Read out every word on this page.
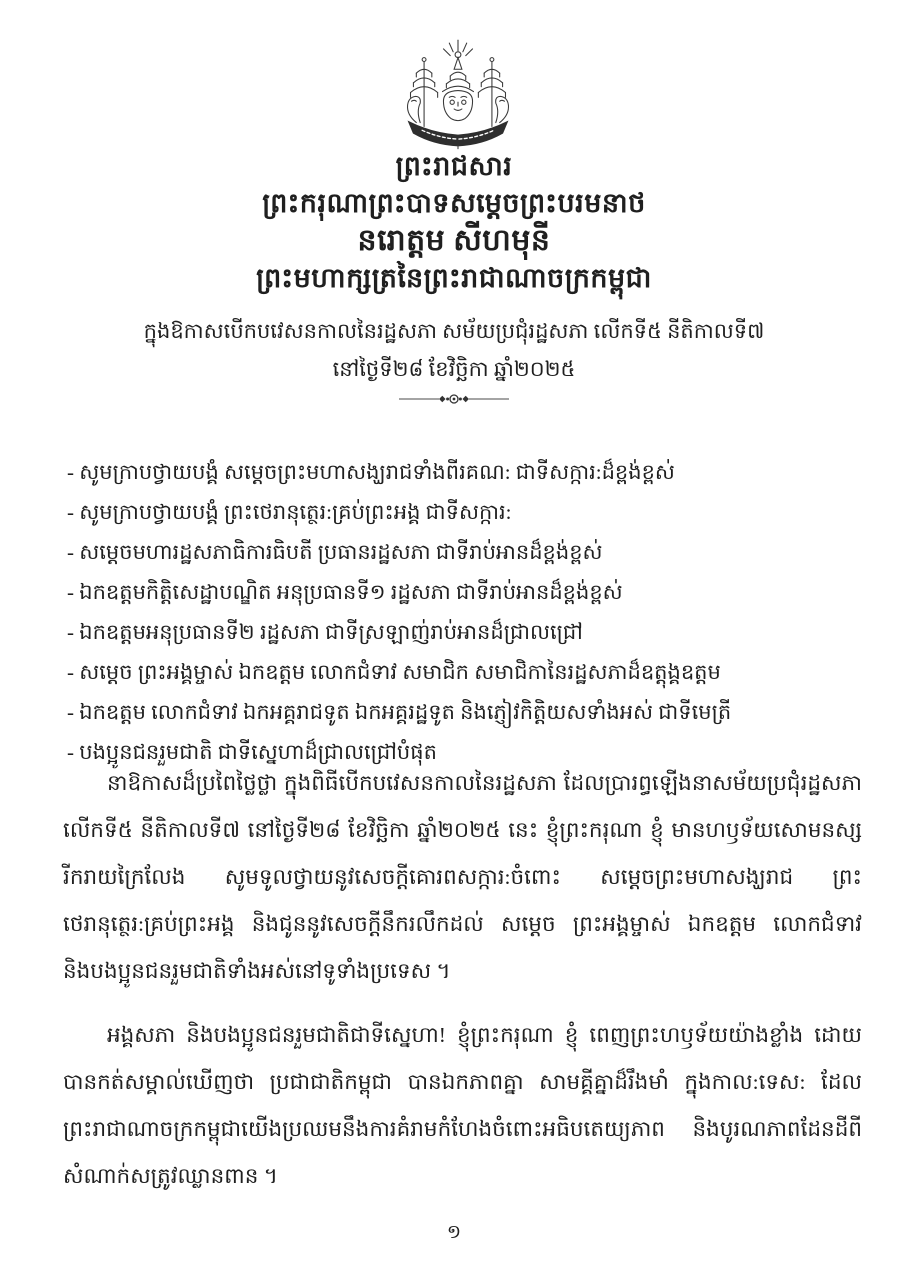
ព្រះរាជសារ
ព្រះករុណាព្រះបាទសម្ដេចព្រះបរមនាថ
នរោត្តម សីហមុនី
ព្រះមហាក្សត្រនៃព្រះរាជាណាចក្រកម្ពុជា
ក្នុងឱកាសបើកបវេសនកាលនៃរដ្ឋសភា សម័យប្រជុំរដ្ឋសភា លើកទី៥ នីតិកាលទី៧
នៅថ្ងៃទី២៨ ខែវិច្ឆិកា ឆ្នាំ២០២៥
- សូមក្រាបថ្វាយបង្គំ សម្ដេចព្រះមហាសង្ឃរាជទាំងពីរគណ: ជាទីសក្ការ:ដ៏ខ្ពង់ខ្ពស់
- សូមក្រាបថ្វាយបង្គំ ព្រះថេរានុត្ថេរ:គ្រប់ព្រះអង្គ ជាទីសក្ការ:
- សម្ដេចមហារដ្ឋសភាធិការធិបតី ប្រធានរដ្ឋសភា ជាទីរាប់អានដ៏ខ្ពង់ខ្ពស់
- ឯកឧត្តមកិត្តិសេដ្ឋាបណ្ឌិត អនុប្រធានទី១ រដ្ឋសភា ជាទីរាប់អានដ៏ខ្ពង់ខ្ពស់
- ឯកឧត្តមអនុប្រធានទី២ រដ្ឋសភា ជាទីស្រឡាញ់រាប់អានដ៏ជ្រាលជ្រៅ
- សម្ដេច ព្រះអង្គម្ចាស់ ឯកឧត្តម លោកជំទាវ សមាជិក សមាជិកានៃរដ្ឋសភាដ៏ឧត្តុង្គឧត្តម
- ឯកឧត្តម លោកជំទាវ ឯកអគ្គរាជទូត ឯកអគ្គរដ្ឋទូត និងភ្ញៀវកិត្តិយសទាំងអស់ ជាទីមេត្រី
- បងប្អូនជនរួមជាតិ ជាទីស្នេហាដ៏ជ្រាលជ្រៅបំផុត

នាឱកាសដ៏ប្រពៃថ្លៃថ្លា ក្នុងពិធីបើកបវេសនកាលនៃរដ្ឋសភា ដែលប្រារព្ធឡើងនាសម័យប្រជុំរដ្ឋសភា លើកទី៥ នីតិកាលទី៧ នៅថ្ងៃទី២៨ ខែវិច្ឆិកា ឆ្នាំ២០២៥ នេះ ខ្ញុំព្រះករុណា ខ្ញុំ មានហឫទ័យសោមនស្សរីករាយក្រៃលែង សូមទូលថ្វាយនូវសេចក្ដីគោរពសក្ការ:ចំពោះ សម្ដេចព្រះមហាសង្ឃរាជ ព្រះថេរានុត្ថេរ:គ្រប់ព្រះអង្គ និងជូននូវសេចក្ដីនឹករលឹកដល់ សម្ដេច ព្រះអង្គម្ចាស់ ឯកឧត្តម លោកជំទាវ និងបងប្អូនជនរួមជាតិទាំងអស់នៅទូទាំងប្រទេស ។

អង្គសភា និងបងប្អូនជនរួមជាតិជាទីស្នេហា! ខ្ញុំព្រះករុណា ខ្ញុំ ពេញព្រះហឫទ័យយ៉ាងខ្លាំង ដោយបានកត់សម្គាល់ឃើញថា ប្រជាជាតិកម្ពុជា បានឯកភាពគ្នា សាមគ្គីគ្នាដ៏រឹងមាំ ក្នុងកាល:ទេស: ដែលព្រះរាជាណាចក្រកម្ពុជាយើងប្រឈមនឹងការគំរាមកំហែងចំពោះអធិបតេយ្យភាព និងបូរណភាពដែនដីពីសំណាក់សត្រូវឈ្លានពាន ។

១
